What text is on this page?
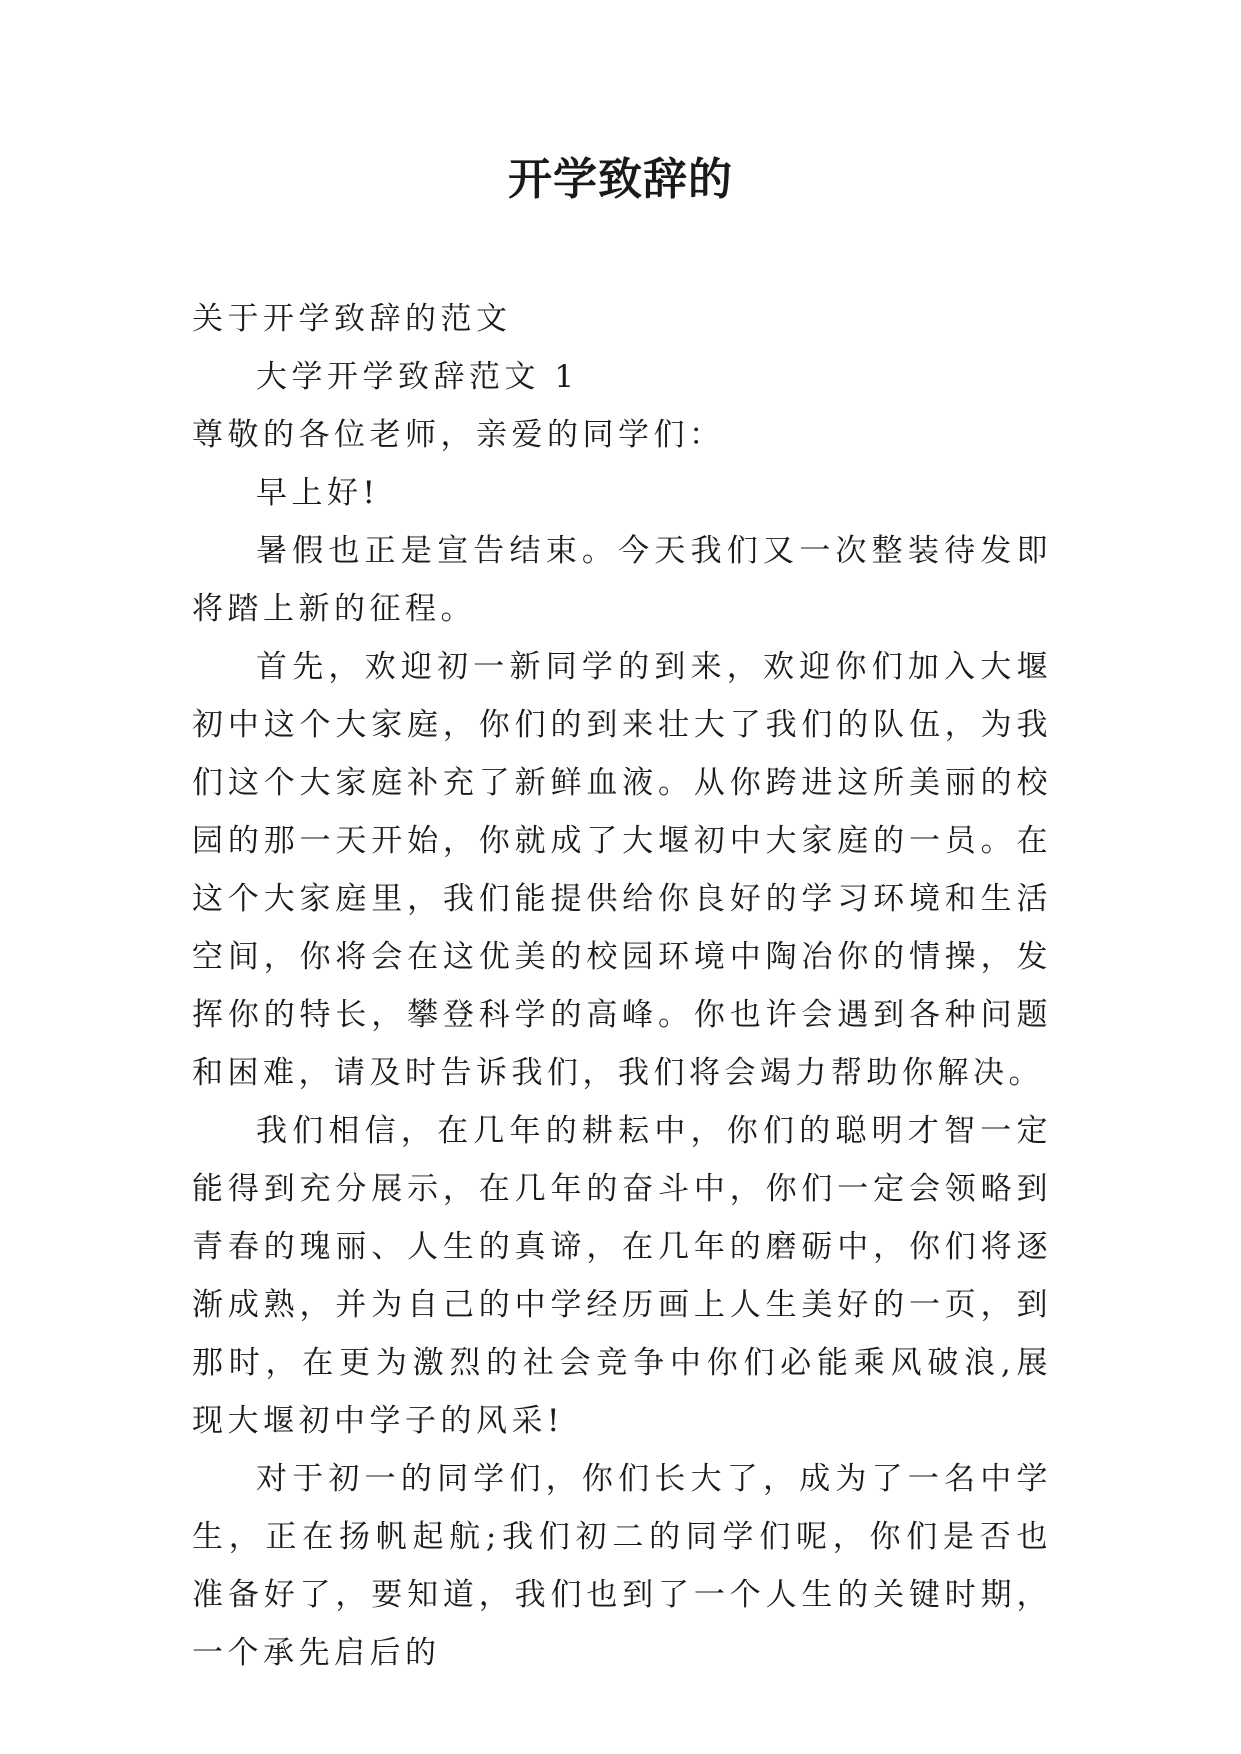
开学致辞的

关于开学致辞的范文

大学开学致辞范文 1

尊敬的各位老师，亲爱的同学们：

早上好!

暑假也正是宣告结束。今天我们又一次整装待发即将踏上新的征程。

首先，欢迎初一新同学的到来，欢迎你们加入大堰初中这个大家庭，你们的到来壮大了我们的队伍，为我们这个大家庭补充了新鲜血液。从你跨进这所美丽的校园的那一天开始，你就成了大堰初中大家庭的一员。在这个大家庭里，我们能提供给你良好的学习环境和生活空间，你将会在这优美的校园环境中陶冶你的情操，发挥你的特长，攀登科学的高峰。你也许会遇到各种问题和困难，请及时告诉我们，我们将会竭力帮助你解决。

我们相信，在几年的耕耘中，你们的聪明才智一定能得到充分展示，在几年的奋斗中，你们一定会领略到青春的瑰丽、人生的真谛，在几年的磨砺中，你们将逐渐成熟，并为自己的中学经历画上人生美好的一页，到那时，在更为激烈的社会竞争中你们必能乘风破浪,展现大堰初中学子的风采!

对于初一的同学们，你们长大了，成为了一名中学生，正在扬帆起航;我们初二的同学们呢，你们是否也准备好了，要知道，我们也到了一个人生的关键时期，一个承先启后的
